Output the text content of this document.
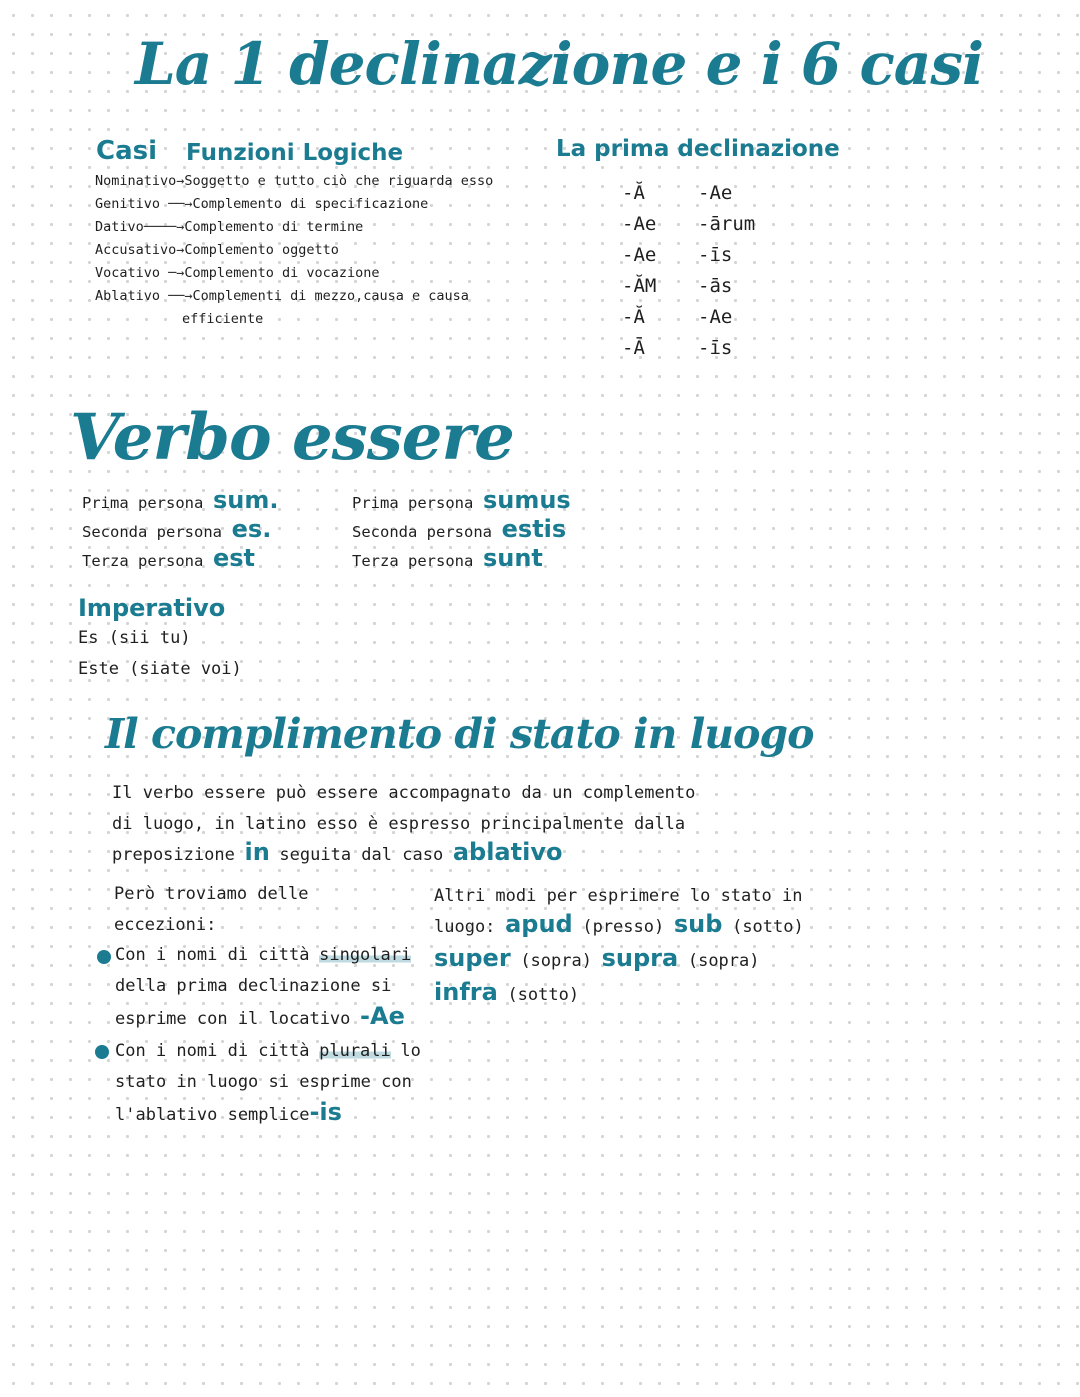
La 1 declinazione e i 6 casi
Casi Funzioni Logiche
Nominativo→Soggetto e tutto ciò che riguarda esso
Genitivo ──→Complemento di specificazione
Dativo────→Complemento di termine
Accusativo→Complemento oggetto
Vocativo ─→Complemento di vocazione
Ablativo ──→Complementi di mezzo,causa e causa
efficiente
La prima declinazione
-Ă
-Ae
-Ae
-ĂM
-Ă
-Ā
-Ae
-ārum
-īs
-ās
-Ae
-īs
Verbo essere
Prima persona sum.
Seconda persona es.
Terza persona est
Prima persona sumus
Seconda persona estis
Terza persona sunt
Imperativo
Es (sii tu)
Este (siate voi)
Il complimento di stato in luogo
Il verbo essere può essere accompagnato da un complemento
di luogo, in latino esso è espresso principalmente dalla
preposizione in seguita dal caso ablativo
Però troviamo delle
eccezioni:
Con i nomi di città singolari
della prima declinazione si
esprime con il locativo -Ae
Con i nomi di città plurali lo
stato in luogo si esprime con
l'ablativo semplice-is
Altri modi per esprimere lo stato in
luogo: apud (presso) sub (sotto)
super (sopra) supra (sopra)
infra (sotto)
